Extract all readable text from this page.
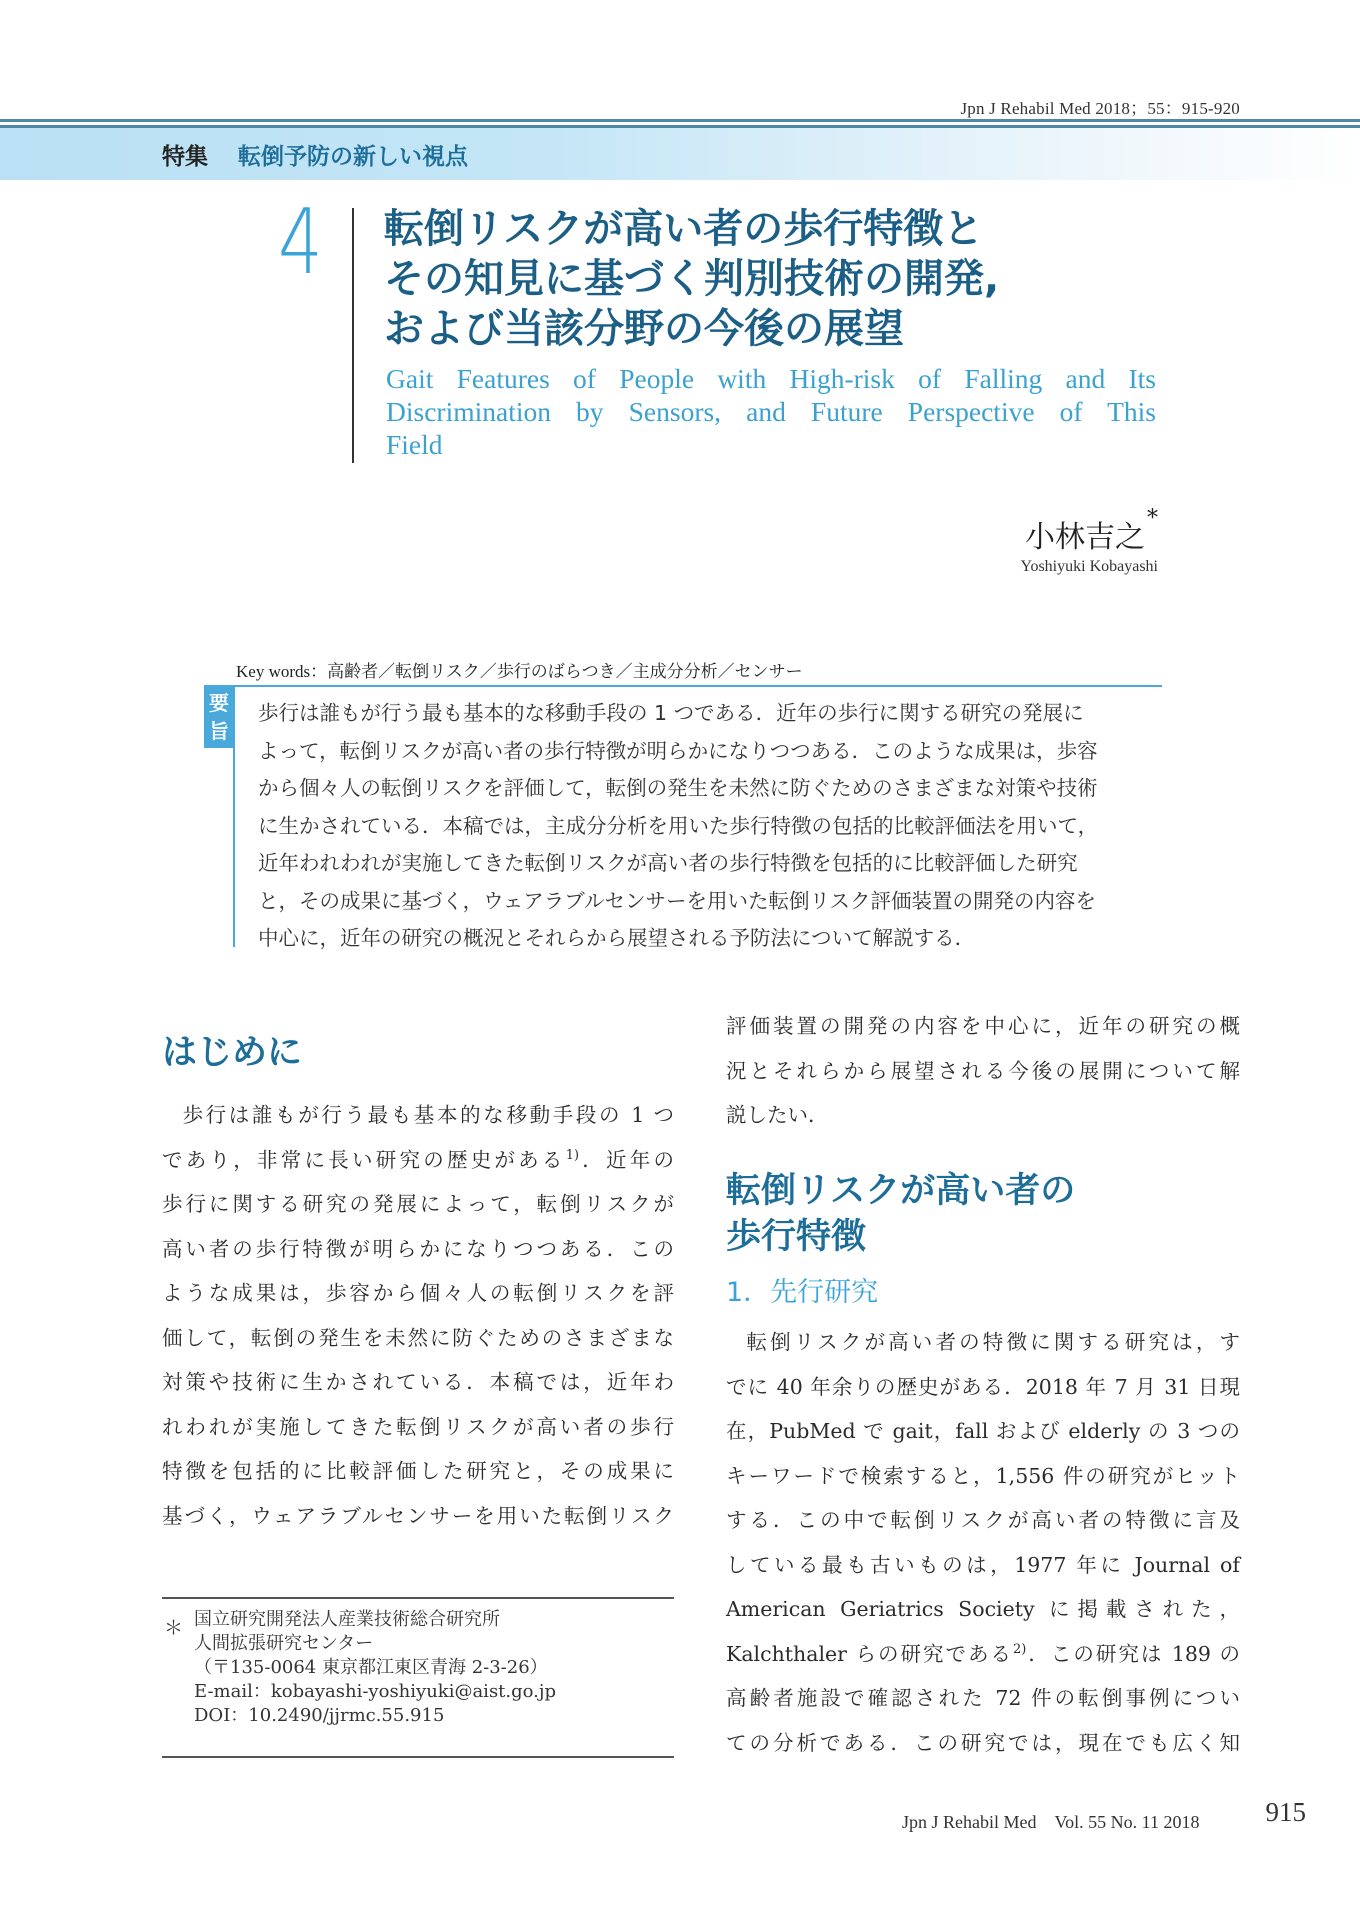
Jpn J Rehabil Med 2018；55：915-920
特集 転倒予防の新しい視点
4 転倒リスクが高い者の歩行特徴と
その知見に基づく判別技術の開発,
および当該分野の今後の展望
Gait Features of People with High-risk of Falling and Its
Discrimination by Sensors, and Future Perspective of This
Field
小林吉之*
Yoshiyuki Kobayashi
Key words：高齢者／転倒リスク／歩行のばらつき／主成分分析／センサー
要
旨
歩行は誰もが行う最も基本的な移動手段の 1 つである．近年の歩行に関する研究の発展に
よって，転倒リスクが高い者の歩行特徴が明らかになりつつある．このような成果は，歩容
から個々人の転倒リスクを評価して，転倒の発生を未然に防ぐためのさまざまな対策や技術
に生かされている．本稿では，主成分分析を用いた歩行特徴の包括的比較評価法を用いて，
近年われわれが実施してきた転倒リスクが高い者の歩行特徴を包括的に比較評価した研究
と，その成果に基づく，ウェアラブルセンサーを用いた転倒リスク評価装置の開発の内容を
中心に，近年の研究の概況とそれらから展望される予防法について解説する．
はじめに
歩行は誰もが行う最も基本的な移動手段の 1 つ
であり，非常に長い研究の歴史がある$^{1)}$．近年の
歩行に関する研究の発展によって，転倒リスクが
高い者の歩行特徴が明らかになりつつある．この
ような成果は，歩容から個々人の転倒リスクを評
価して，転倒の発生を未然に防ぐためのさまざまな
対策や技術に生かされている．本稿では，近年わ
れわれが実施してきた転倒リスクが高い者の歩行
特徴を包括的に比較評価した研究と，その成果に
基づく，ウェアラブルセンサーを用いた転倒リスク
＊ 国立研究開発法人産業技術総合研究所
人間拡張研究センター
（〒135-0064 東京都江東区青海 2-3-26）
E-mail：kobayashi-yoshiyuki@aist.go.jp
DOI：10.2490/jjrmc.55.915
評価装置の開発の内容を中心に，近年の研究の概
況とそれらから展望される今後の展開について解
説したい．
転倒リスクが高い者の
歩行特徴
1．先行研究
転倒リスクが高い者の特徴に関する研究は，す
でに 40 年余りの歴史がある．2018 年 7 月 31 日現
在，PubMed で gait，fall および elderly の 3 つの
キーワードで検索すると，1,556 件の研究がヒット
する．この中で転倒リスクが高い者の特徴に言及
している最も古いものは，1977 年に Journal of
American Geriatrics Society に掲載された，
Kalchthaler らの研究である$^{2)}$．この研究は 189 の
高齢者施設で確認された 72 件の転倒事例につい
ての分析である．この研究では，現在でも広く知
Jpn J Rehabil Med　Vol. 55 No. 11 2018 915
